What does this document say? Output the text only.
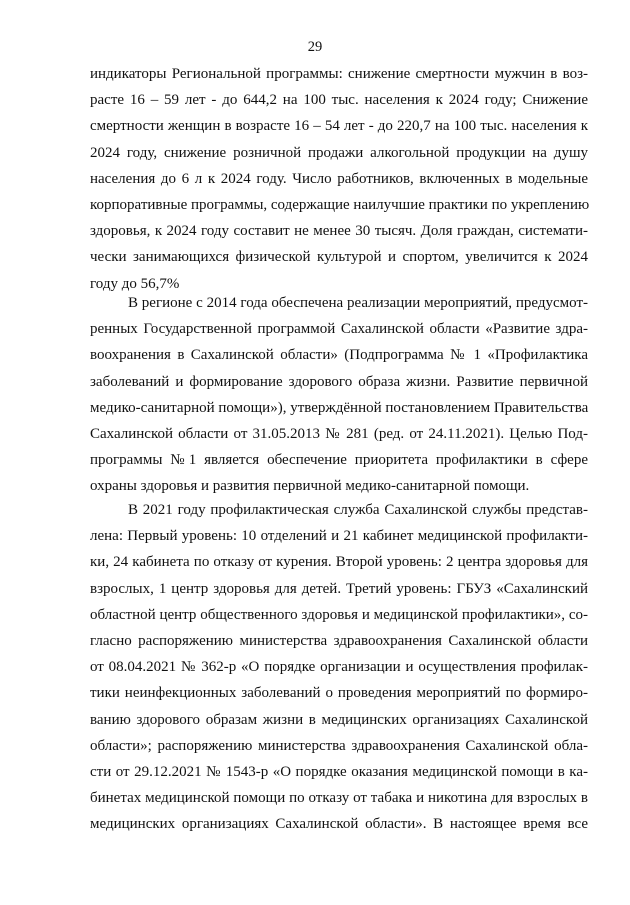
29
индикаторы Региональной программы: снижение смертности мужчин в воз-
расте 16 – 59 лет - до 644,2 на 100 тыс. населения к 2024 году; Снижение
смертности женщин в возрасте 16 – 54 лет - до 220,7 на 100 тыс. населения к
2024 году, снижение розничной продажи алкогольной продукции на душу
населения до 6 л к 2024 году. Число работников, включенных в модельные
корпоративные программы, содержащие наилучшие практики по укреплению
здоровья, к 2024 году составит не менее 30 тысяч. Доля граждан, системати-
чески занимающихся физической культурой и спортом, увеличится к 2024
году до 56,7%
В регионе с 2014 года обеспечена реализации мероприятий, предусмот-
ренных Государственной программой Сахалинской области «Развитие здра-
воохранения в Сахалинской области» (Подпрограмма № 1 «Профилактика
заболеваний и формирование здорового образа жизни. Развитие первичной
медико-санитарной помощи»), утверждённой постановлением Правительства
Сахалинской области от 31.05.2013 № 281 (ред. от 24.11.2021). Целью Под-
программы №1 является обеспечение приоритета профилактики в сфере
охраны здоровья и развития первичной медико-санитарной помощи.
В 2021 году профилактическая служба Сахалинской службы представ-
лена: Первый уровень: 10 отделений и 21 кабинет медицинской профилакти-
ки, 24 кабинета по отказу от курения. Второй уровень: 2 центра здоровья для
взрослых, 1 центр здоровья для детей. Третий уровень: ГБУЗ «Сахалинский
областной центр общественного здоровья и медицинской профилактики», со-
гласно распоряжению министерства здравоохранения Сахалинской области
от 08.04.2021 № 362-р «О порядке организации и осуществления профилак-
тики неинфекционных заболеваний о проведения мероприятий по формиро-
ванию здорового образам жизни в медицинских организациях Сахалинской
области»; распоряжению министерства здравоохранения Сахалинской обла-
сти от 29.12.2021 № 1543-р «О порядке оказания медицинской помощи в ка-
бинетах медицинской помощи по отказу от табака и никотина для взрослых в
медицинских организациях Сахалинской области». В настоящее время все
